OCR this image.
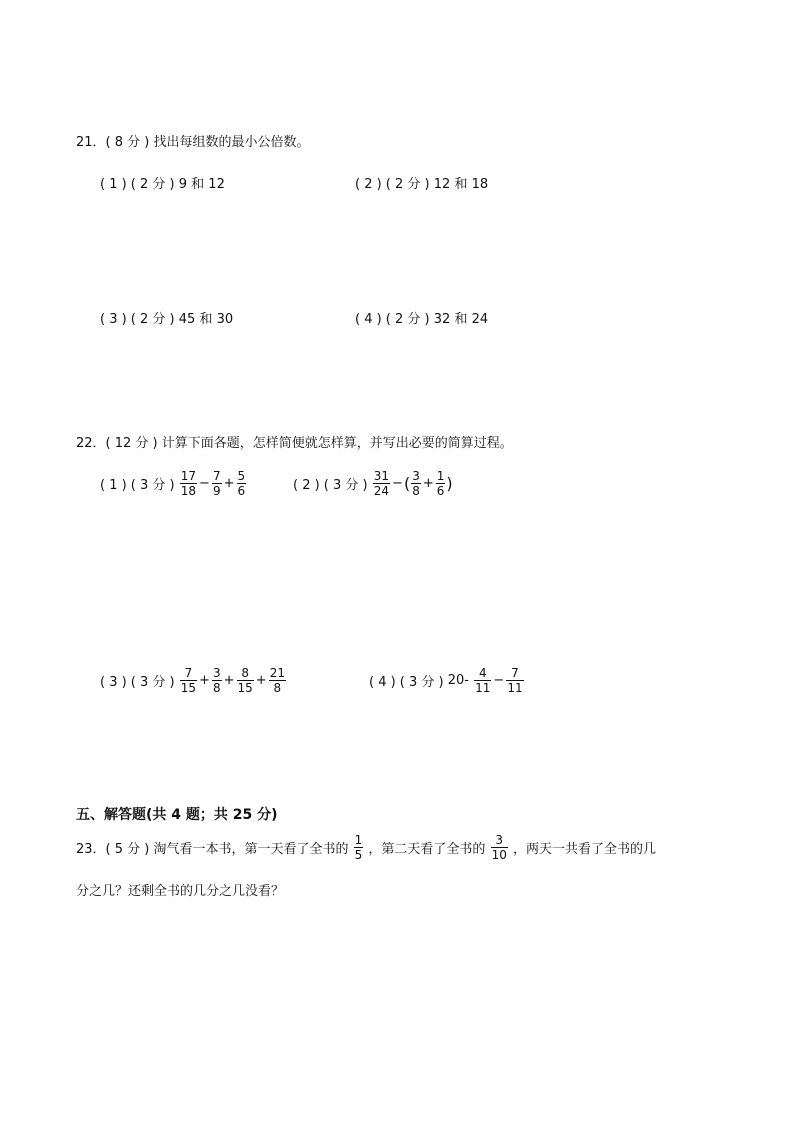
21．( 8 分 ) 找出每组数的最小公倍数。
( 1 ) ( 2 分 )
9 和 12	( 2 ) ( 2 分 )
12 和 18
( 3 ) ( 2 分 )
45 和 30	( 4 ) ( 2 分 )
32 和 24
22．( 12 分 ) 计算下面各题，怎样简便就怎样算，并写出必要的简算过程。
( 1 ) ( 3 分 )
$\frac{17}{18} - \frac{7}{9} + \frac{5}{6}$	( 2 ) ( 3 分 )
$\frac{31}{24}$ − ( $\frac{3}{8} + \frac{1}{6}$ )
( 3 ) ( 3 分 )
$\frac{7}{15} + \frac{3}{8} + \frac{8}{15} + \frac{21}{8}$	( 4 ) ( 3 分 )
20-
$\frac{4}{11} - \frac{7}{11}$
五、解答题(共 4 题；共 25 分)
23．( 5 分 ) 淘气看一本书，第一天看了全书的
$\frac{1}{5}$
，第二天看了全书的
$\frac{3}{10}$
，两天一共看了全书的几
分之几？还剩全书的几分之几没看？
